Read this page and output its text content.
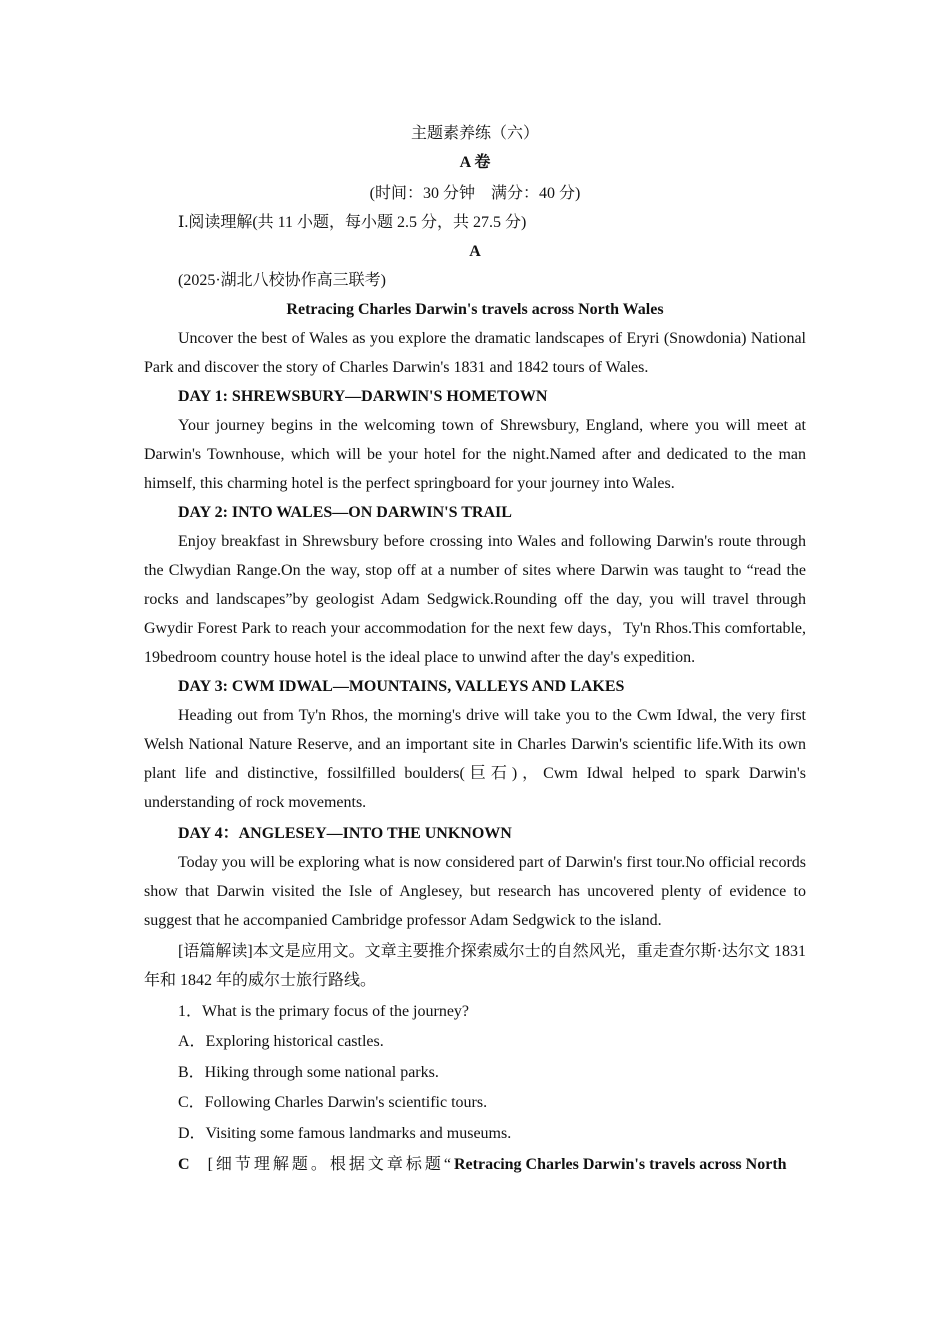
主题素养练（六）

A 卷

(时间：30 分钟　满分：40 分)

Ⅰ.阅读理解(共 11 小题，每小题 2.5 分，共 27.5 分)

A

(2025·湖北八校协作高三联考)

Retracing Charles Darwin's travels across North Wales

Uncover the best of Wales as you explore the dramatic landscapes of Eryri (Snowdonia) National Park and discover the story of Charles Darwin's 1831 and 1842 tours of Wales.

DAY 1: SHREWSBURY—DARWIN'S HOMETOWN

Your journey begins in the welcoming town of Shrewsbury, England, where you will meet at Darwin's Townhouse, which will be your hotel for the night.Named after and dedicated to the man himself, this charming hotel is the perfect springboard for your journey into Wales.

DAY 2: INTO WALES—ON DARWIN'S TRAIL

Enjoy breakfast in Shrewsbury before crossing into Wales and following Darwin's route through the Clwydian Range.On the way, stop off at a number of sites where Darwin was taught to “read the rocks and landscapes”by geologist Adam Sedgwick.Rounding off the day, you will travel through Gwydir Forest Park to reach your accommodation for the next few days，Ty'n Rhos.This comfortable, 19bedroom country house hotel is the ideal place to unwind after the day's expedition.

DAY 3: CWM IDWAL—MOUNTAINS, VALLEYS AND LAKES

Heading out from Ty'n Rhos, the morning's drive will take you to the Cwm Idwal, the very first Welsh National Nature Reserve, and an important site in Charles Darwin's scientific life.With its own plant life and distinctive, fossilfilled boulders(巨石)，Cwm Idwal helped to spark Darwin's understanding of rock movements.

DAY 4：ANGLESEY—INTO THE UNKNOWN

Today you will be exploring what is now considered part of Darwin's first tour.No official records show that Darwin visited the Isle of Anglesey, but research has uncovered plenty of evidence to suggest that he accompanied Cambridge professor Adam Sedgwick to the island.

[语篇解读]本文是应用文。文章主要推介探索威尔士的自然风光，重走查尔斯·达尔文 1831 年和 1842 年的威尔士旅行路线。

1．What is the primary focus of the journey?

A．Exploring historical castles.

B．Hiking through some national parks.

C．Following Charles Darwin's scientific tours.

D．Visiting some famous landmarks and museums.

C [细节理解题。根据文章标题“Retracing Charles Darwin's travels across North
